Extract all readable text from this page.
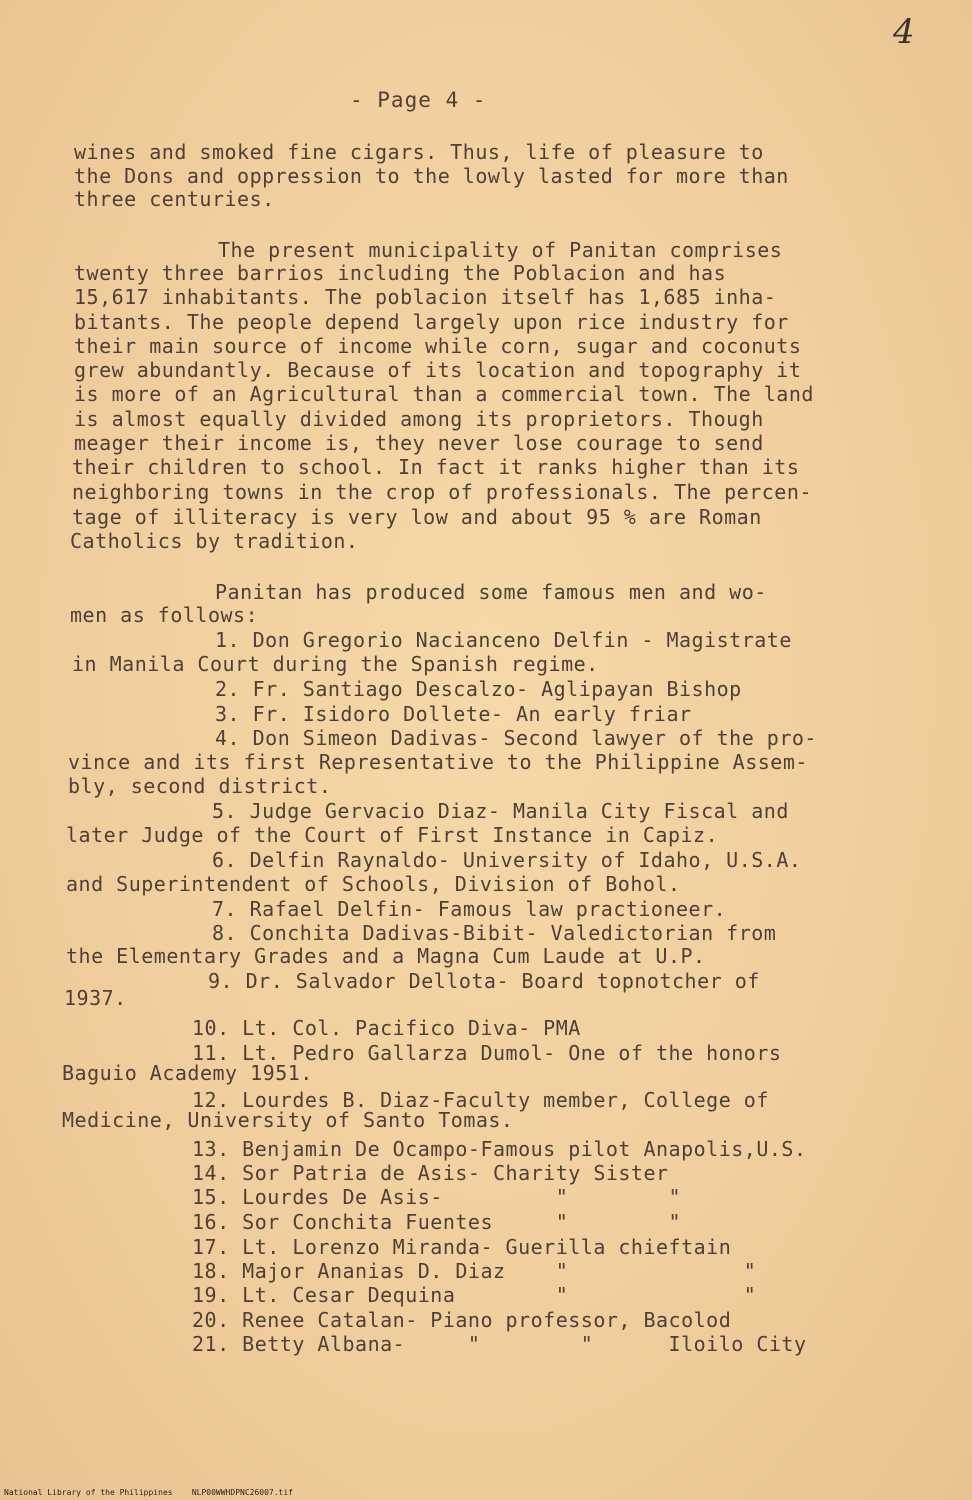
4
- Page 4 -
wines and smoked fine cigars. Thus, life of pleasure to
the Dons and oppression to the lowly lasted for more than
three centuries.
The present municipality of Panitan comprises
twenty three barrios including the Poblacion and has
15,617 inhabitants. The poblacion itself has 1,685 inha-
bitants. The people depend largely upon rice industry for
their main source of income while corn, sugar and coconuts
grew abundantly. Because of its location and topography it
is more of an Agricultural than a commercial town. The land
is almost equally divided among its proprietors. Though
meager their income is, they never lose courage to send
their children to school. In fact it ranks higher than its
neighboring towns in the crop of professionals. The percen-
tage of illiteracy is very low and about 95 % are Roman
Catholics by tradition.
Panitan has produced some famous men and wo-
men as follows:
1. Don Gregorio Nacianceno Delfin - Magistrate
in Manila Court during the Spanish regime.
2. Fr. Santiago Descalzo- Aglipayan Bishop
3. Fr. Isidoro Dollete- An early friar
4. Don Simeon Dadivas- Second lawyer of the pro-
vince and its first Representative to the Philippine Assem-
bly, second district.
5. Judge Gervacio Diaz- Manila City Fiscal and
later Judge of the Court of First Instance in Capiz.
6. Delfin Raynaldo- University of Idaho, U.S.A.
and Superintendent of Schools, Division of Bohol.
7. Rafael Delfin- Famous law practioneer.
8. Conchita Dadivas-Bibit- Valedictorian from
the Elementary Grades and a Magna Cum Laude at U.P.
9. Dr. Salvador Dellota- Board topnotcher of
1937.
10. Lt. Col. Pacifico Diva- PMA
11. Lt. Pedro Gallarza Dumol- One of the honors
Baguio Academy 1951.
12. Lourdes B. Diaz-Faculty member, College of
Medicine, University of Santo Tomas.
13. Benjamin De Ocampo-Famous pilot Anapolis,U.S.
14. Sor Patria de Asis- Charity Sister
15. Lourdes De Asis-         "        "
16. Sor Conchita Fuentes     "        "
17. Lt. Lorenzo Miranda- Guerilla chieftain
18. Major Ananias D. Diaz    "              "
19. Lt. Cesar Dequina        "              "
20. Renee Catalan- Piano professor, Bacolod
21. Betty Albana-     "        "      Iloilo City
National Library of the Philippines    NLP00WWHDPNC26007.tif
